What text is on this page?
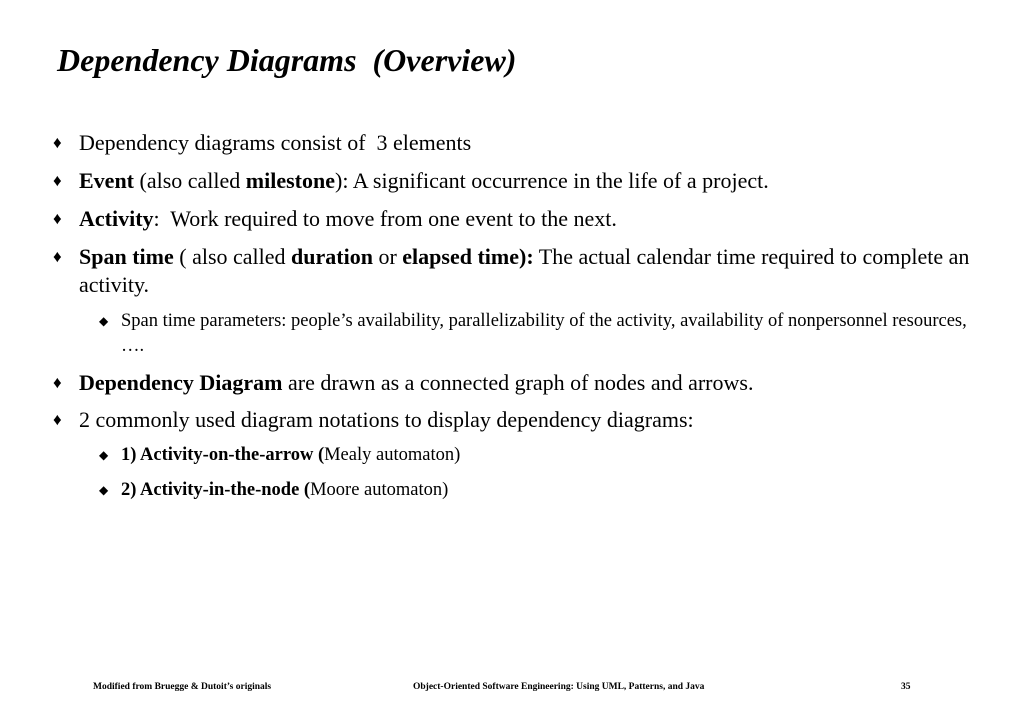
Dependency Diagrams  (Overview)
♦ Dependency diagrams consist of  3 elements
♦ Event (also called milestone): A significant occurrence in the life of a project.
♦ Activity:  Work required to move from one event to the next.
♦ Span time ( also called duration or elapsed time): The actual calendar time required to complete an activity.
◆ Span time parameters: people’s availability, parallelizability of the activity, availability of nonpersonnel resources, ….
♦ Dependency Diagram are drawn as a connected graph of nodes and arrows.
♦ 2 commonly used diagram notations to display dependency diagrams:
◆ 1) Activity-on-the-arrow (Mealy automaton)
◆ 2) Activity-in-the-node (Moore automaton)
Modified from Bruegge & Dutoit’s originals	Object-Oriented Software Engineering: Using UML, Patterns, and Java	35
